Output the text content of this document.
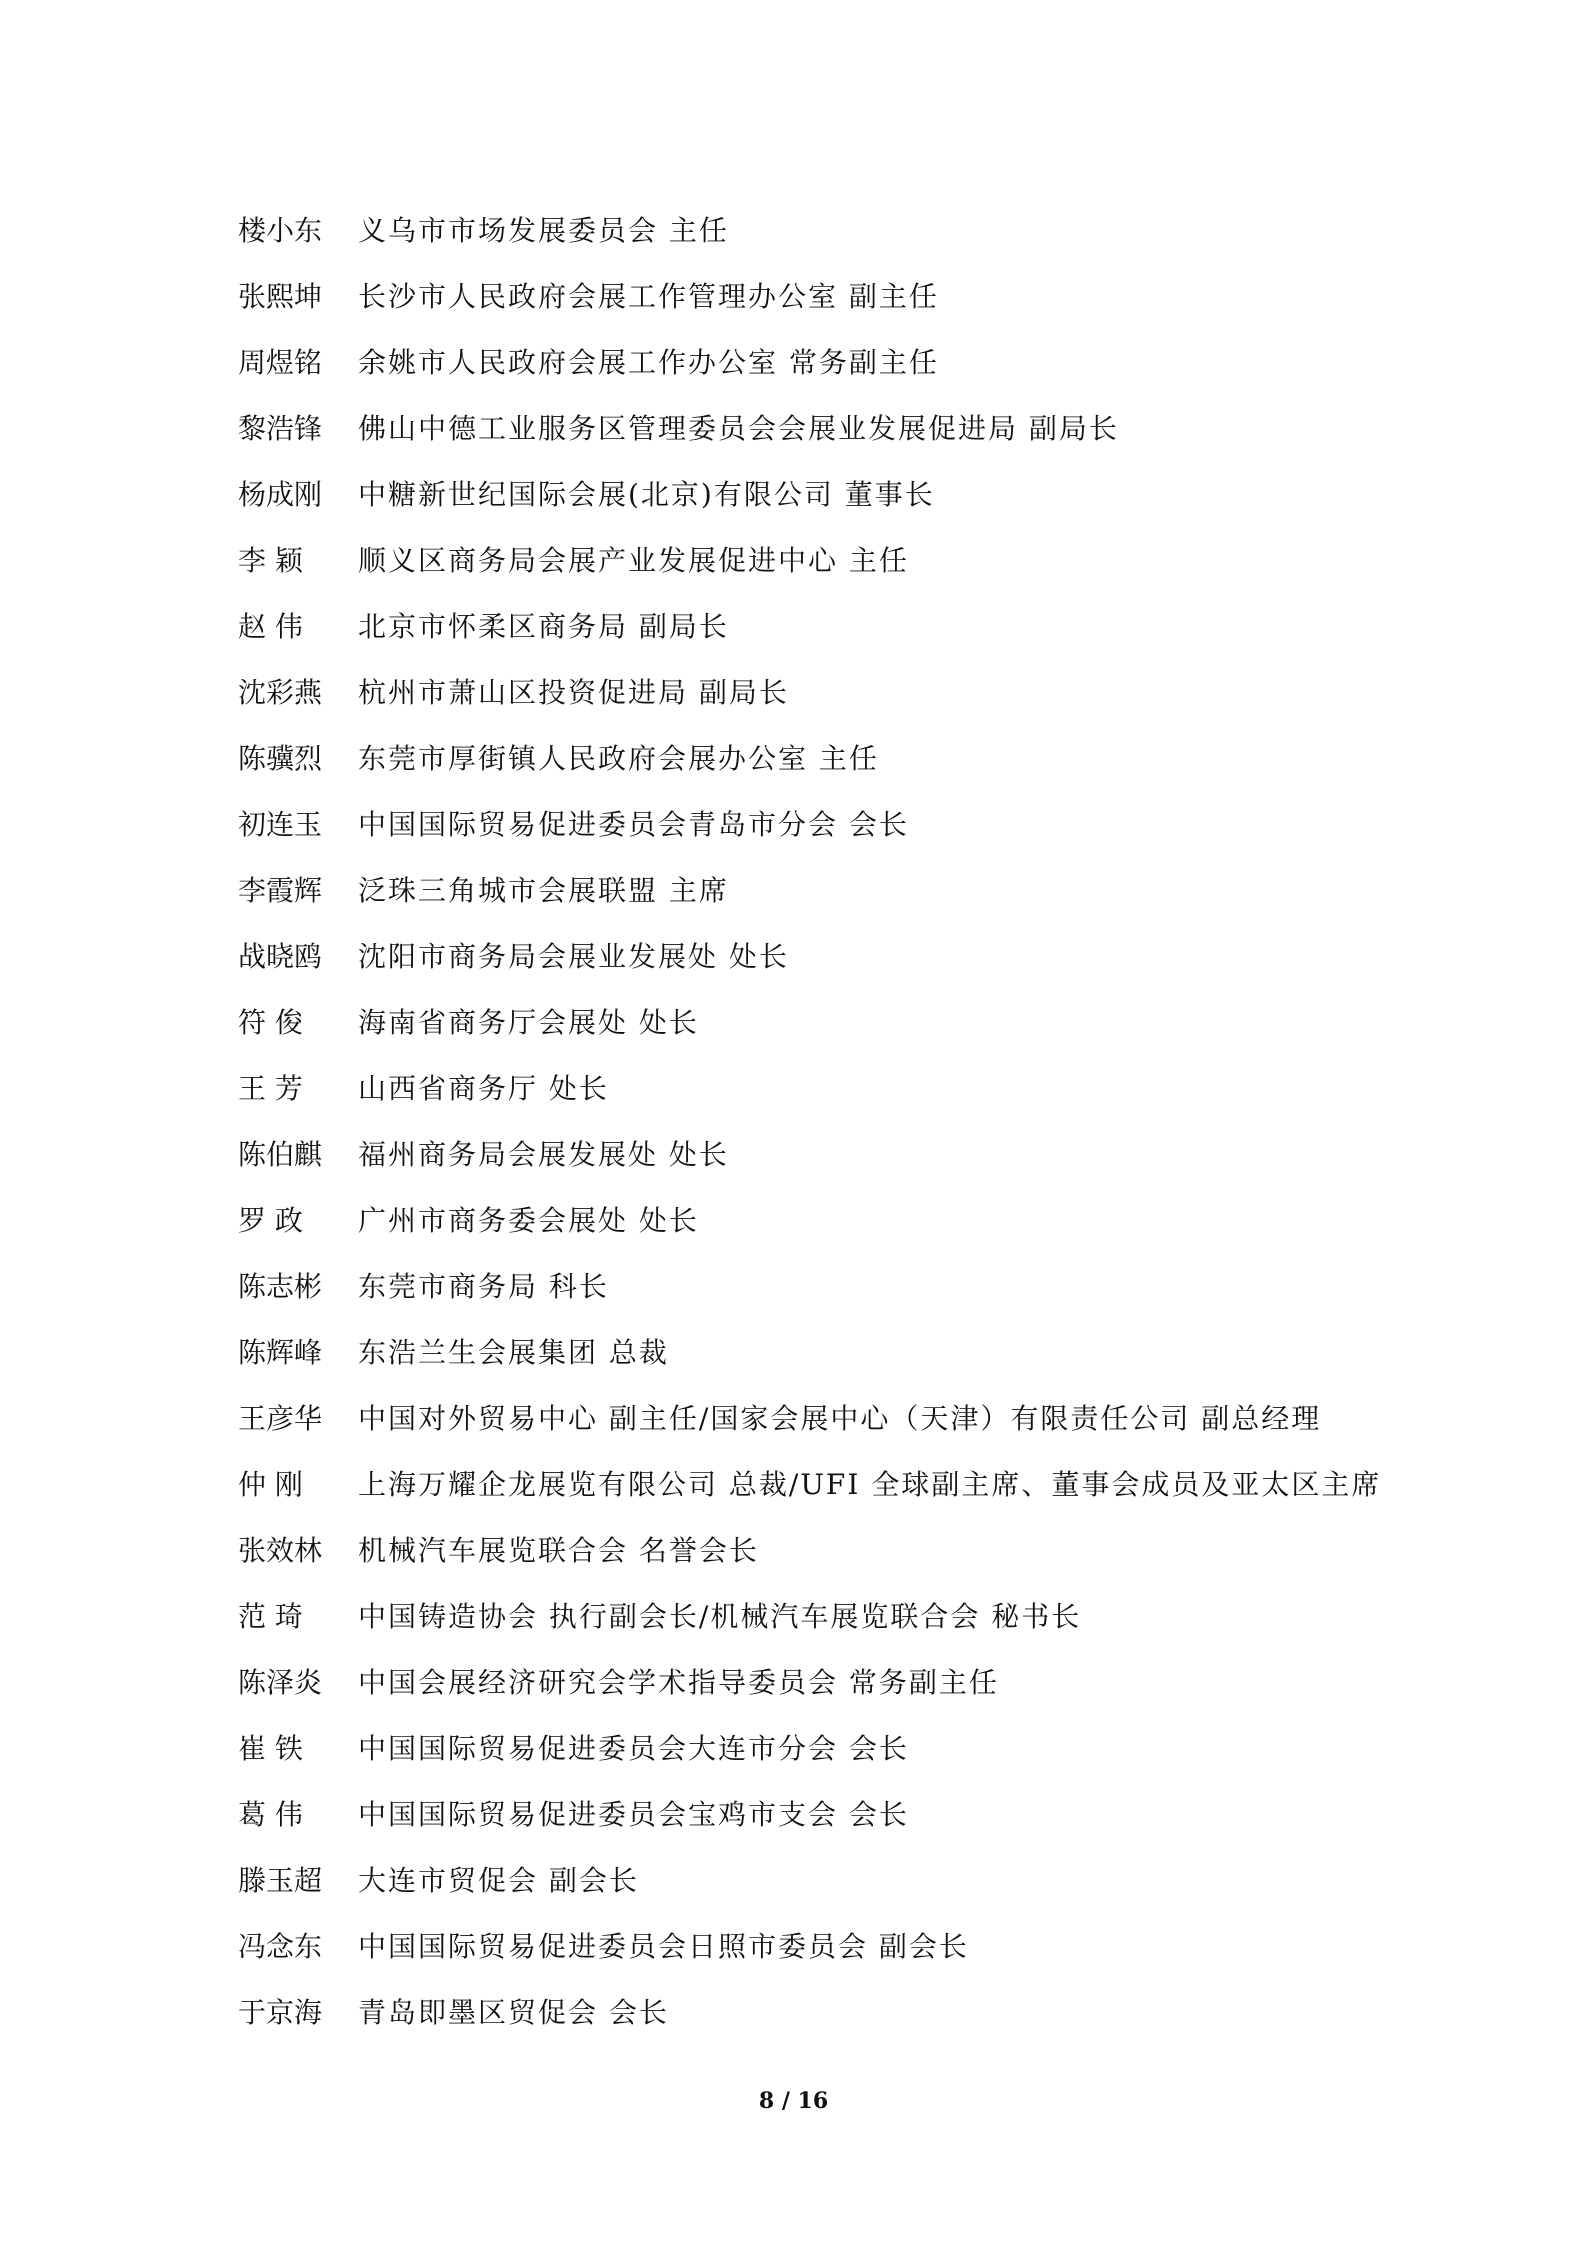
楼小东	义乌市市场发展委员会 主任
张熙坤	长沙市人民政府会展工作管理办公室 副主任
周煜铭	余姚市人民政府会展工作办公室 常务副主任
黎浩锋	佛山中德工业服务区管理委员会会展业发展促进局 副局长
杨成刚	中糖新世纪国际会展(北京)有限公司 董事长
李 颖	顺义区商务局会展产业发展促进中心 主任
赵 伟	北京市怀柔区商务局 副局长
沈彩燕	杭州市萧山区投资促进局 副局长
陈骥烈	东莞市厚街镇人民政府会展办公室 主任
初连玉	中国国际贸易促进委员会青岛市分会 会长
李霞辉	泛珠三角城市会展联盟 主席
战晓鸥	沈阳市商务局会展业发展处 处长
符 俊	海南省商务厅会展处 处长
王 芳	山西省商务厅 处长
陈伯麒	福州商务局会展发展处 处长
罗 政	广州市商务委会展处 处长
陈志彬	东莞市商务局 科长
陈辉峰	东浩兰生会展集团 总裁
王彦华	中国对外贸易中心 副主任/国家会展中心（天津）有限责任公司 副总经理
仲 刚	上海万耀企龙展览有限公司 总裁/UFI 全球副主席、董事会成员及亚太区主席
张效林	机械汽车展览联合会 名誉会长
范 琦	中国铸造协会 执行副会长/机械汽车展览联合会 秘书长
陈泽炎	中国会展经济研究会学术指导委员会 常务副主任
崔 铁	中国国际贸易促进委员会大连市分会 会长
葛 伟	中国国际贸易促进委员会宝鸡市支会 会长
滕玉超	大连市贸促会 副会长
冯念东	中国国际贸易促进委员会日照市委员会 副会长
于京海	青岛即墨区贸促会 会长
8 / 16
